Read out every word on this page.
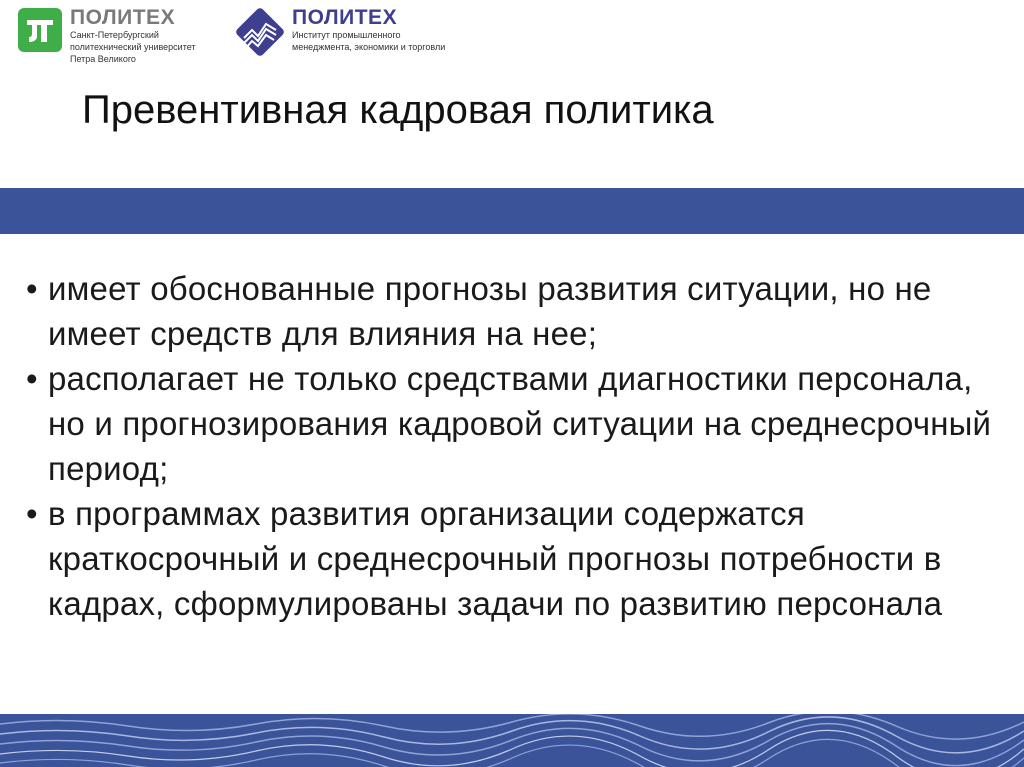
ПОЛИТЕХ
Санкт-Петербургский
политехнический университет
Петра Великого
ПОЛИТЕХ
Институт промышленного
менеджмента, экономики и торговли
Превентивная кадровая политика
• имеет обоснованные прогнозы развития ситуации, но не имеет средств для влияния на нее;
• располагает не только средствами диагностики персонала, но и прогнозирования кадровой ситуации на среднесрочный период;
• в программах развития организации содержатся краткосрочный и среднесрочный прогнозы потребности в кадрах, сформулированы задачи по развитию персонала
